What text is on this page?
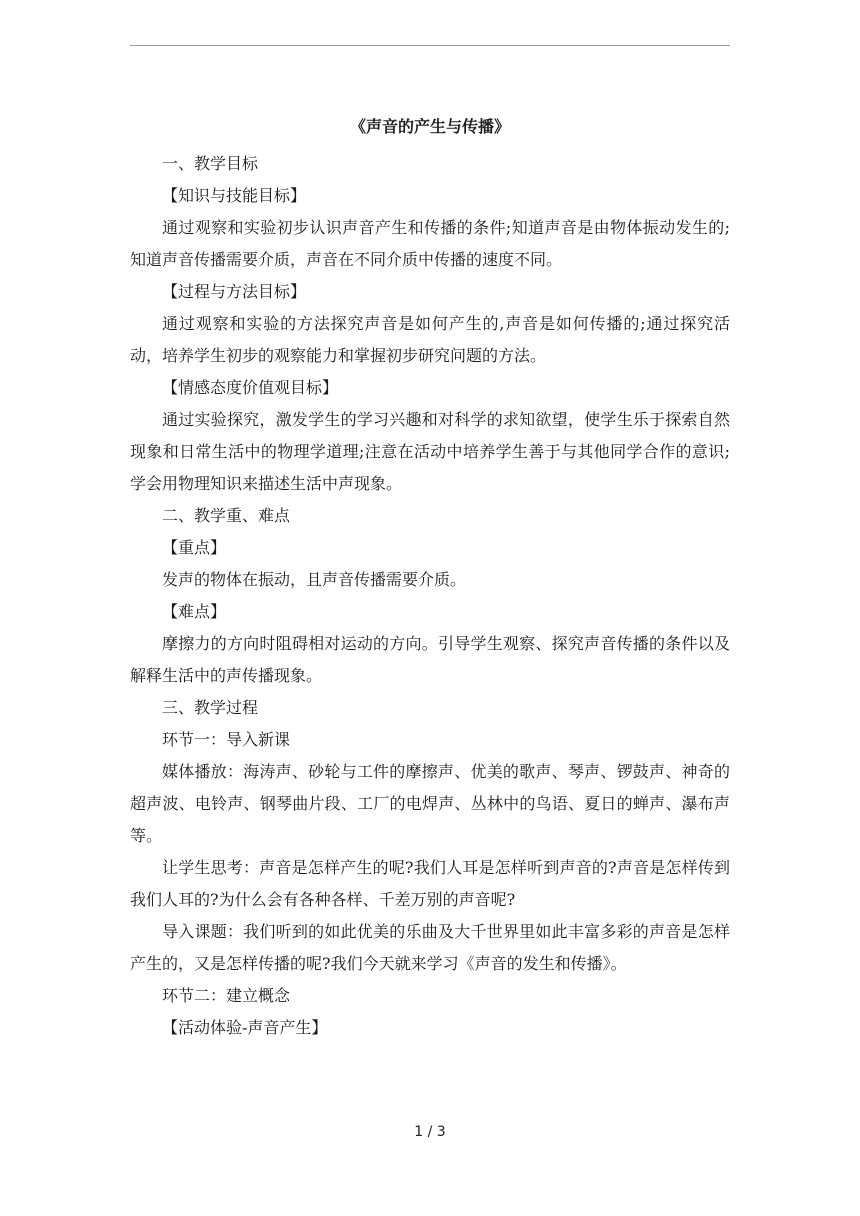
《声音的产生与传播》

一、教学目标

【知识与技能目标】

通过观察和实验初步认识声音产生和传播的条件;知道声音是由物体振动发生的;知道声音传播需要介质，声音在不同介质中传播的速度不同。

【过程与方法目标】

通过观察和实验的方法探究声音是如何产生的,声音是如何传播的;通过探究活动，培养学生初步的观察能力和掌握初步研究问题的方法。

【情感态度价值观目标】

通过实验探究，激发学生的学习兴趣和对科学的求知欲望，使学生乐于探索自然现象和日常生活中的物理学道理;注意在活动中培养学生善于与其他同学合作的意识;学会用物理知识来描述生活中声现象。

二、教学重、难点

【重点】

发声的物体在振动，且声音传播需要介质。

【难点】

摩擦力的方向时阻碍相对运动的方向。引导学生观察、探究声音传播的条件以及解释生活中的声传播现象。

三、教学过程

环节一：导入新课

媒体播放：海涛声、砂轮与工件的摩擦声、优美的歌声、琴声、锣鼓声、神奇的超声波、电铃声、钢琴曲片段、工厂的电焊声、丛林中的鸟语、夏日的蝉声、瀑布声等。

让学生思考：声音是怎样产生的呢?我们人耳是怎样听到声音的?声音是怎样传到我们人耳的?为什么会有各种各样、千差万别的声音呢?

导入课题：我们听到的如此优美的乐曲及大千世界里如此丰富多彩的声音是怎样产生的，又是怎样传播的呢?我们今天就来学习《声音的发生和传播》。

环节二：建立概念

【活动体验-声音产生】

1 / 3
